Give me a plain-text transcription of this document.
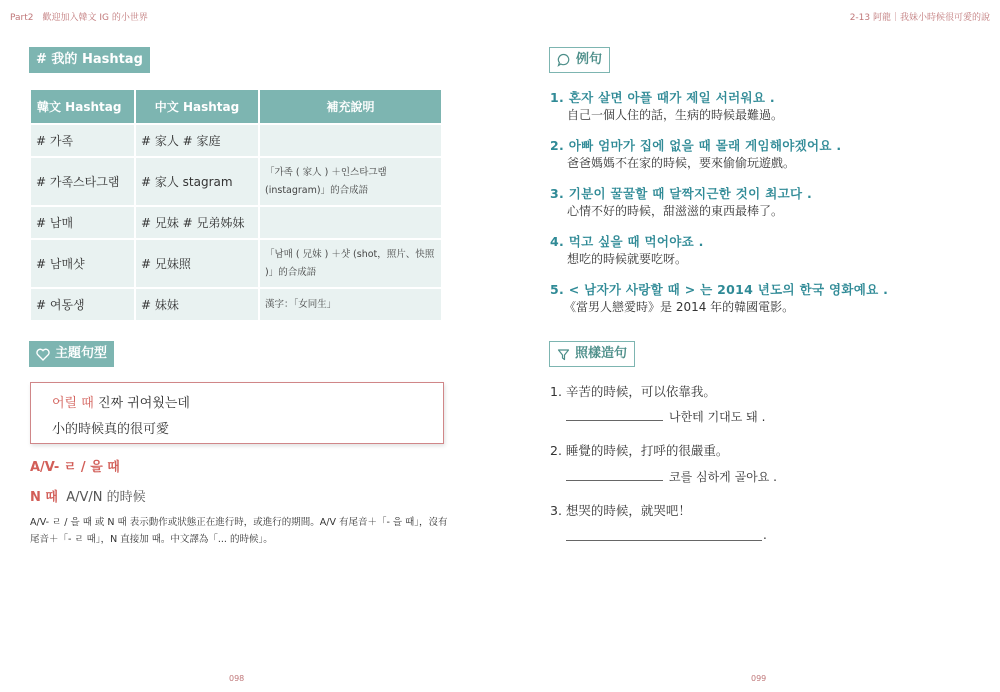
Part2　歡迎加入韓文 IG 的小世界	2-13 阿龍｜我妹小時候很可愛的說
# 我的 Hashtag
韓文 Hashtag	中文 Hashtag	補充說明
# 가족	# 家人 # 家庭	
# 가족스타그램	# 家人 stagram	「가족 ( 家人 ) ＋인스타그램 (instagram)」的合成語
# 남매	# 兄妹 # 兄弟姊妹	
# 남매샷	# 兄妹照	「남매 ( 兄妹 ) ＋샷 (shot，照片、快照 )」的合成語
# 여동생	# 妹妹	漢字：「女同生」
主題句型
어릴 때 진짜 귀여웠는데
小的時候真的很可愛
A/V- ㄹ / 을 때
N 때 A/V/N 的時候
A/V- ㄹ / 을 때 或 N 때 表示動作或狀態正在進行時，或進行的期間。A/V 有尾音＋「- 을 때」，沒有尾音＋「- ㄹ 때」，N 直接加 때。中文譯為「... 的時候」。
098
例句
1. 혼자 살면 아플 때가 제일 서러워요 .
自己一個人住的話，生病的時候最難過。
2. 아빠 엄마가 집에 없을 때 몰래 게임해야겠어요 .
爸爸媽媽不在家的時候，要來偷偷玩遊戲。
3. 기분이 꿀꿀할 때 달짝지근한 것이 최고다 .
心情不好的時候，甜滋滋的東西最棒了。
4. 먹고 싶을 때 먹어야죠 .
想吃的時候就要吃呀。
5. < 남자가 사랑할 때 > 는 2014 년도의 한국 영화예요 .
《當男人戀愛時》是 2014 年的韓國電影。
照樣造句
1. 辛苦的時候，可以依靠我。
나한테 기대도 돼 .
2. 睡覺的時候，打呼的很嚴重。
코를 심하게 골아요 .
3. 想哭的時候，就哭吧！
.
099
